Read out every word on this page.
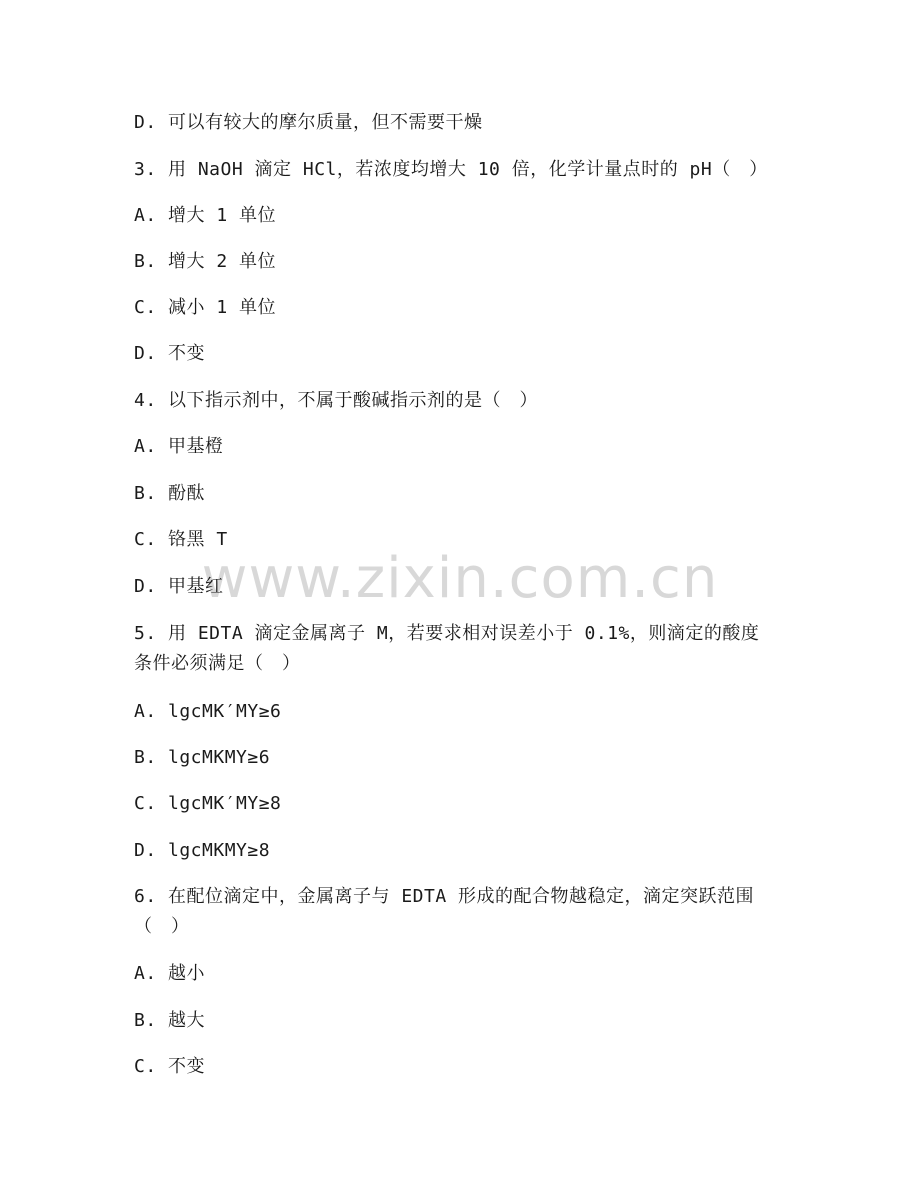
www.zixin.com.cn
D. 可以有较大的摩尔质量，但不需要干燥
3. 用 NaOH 滴定 HCl，若浓度均增大 10 倍，化学计量点时的 pH（　）
A. 增大 1 单位
B. 增大 2 单位
C. 减小 1 单位
D. 不变
4. 以下指示剂中，不属于酸碱指示剂的是（　）
A. 甲基橙
B. 酚酞
C. 铬黑 T
D. 甲基红
5. 用 EDTA 滴定金属离子 M，若要求相对误差小于 0.1%，则滴定的酸度条件必须满足（　）
A. lgcMK′MY≥6
B. lgcMKMY≥6
C. lgcMK′MY≥8
D. lgcMKMY≥8
6. 在配位滴定中，金属离子与 EDTA 形成的配合物越稳定，滴定突跃范围（　）
A. 越小
B. 越大
C. 不变
